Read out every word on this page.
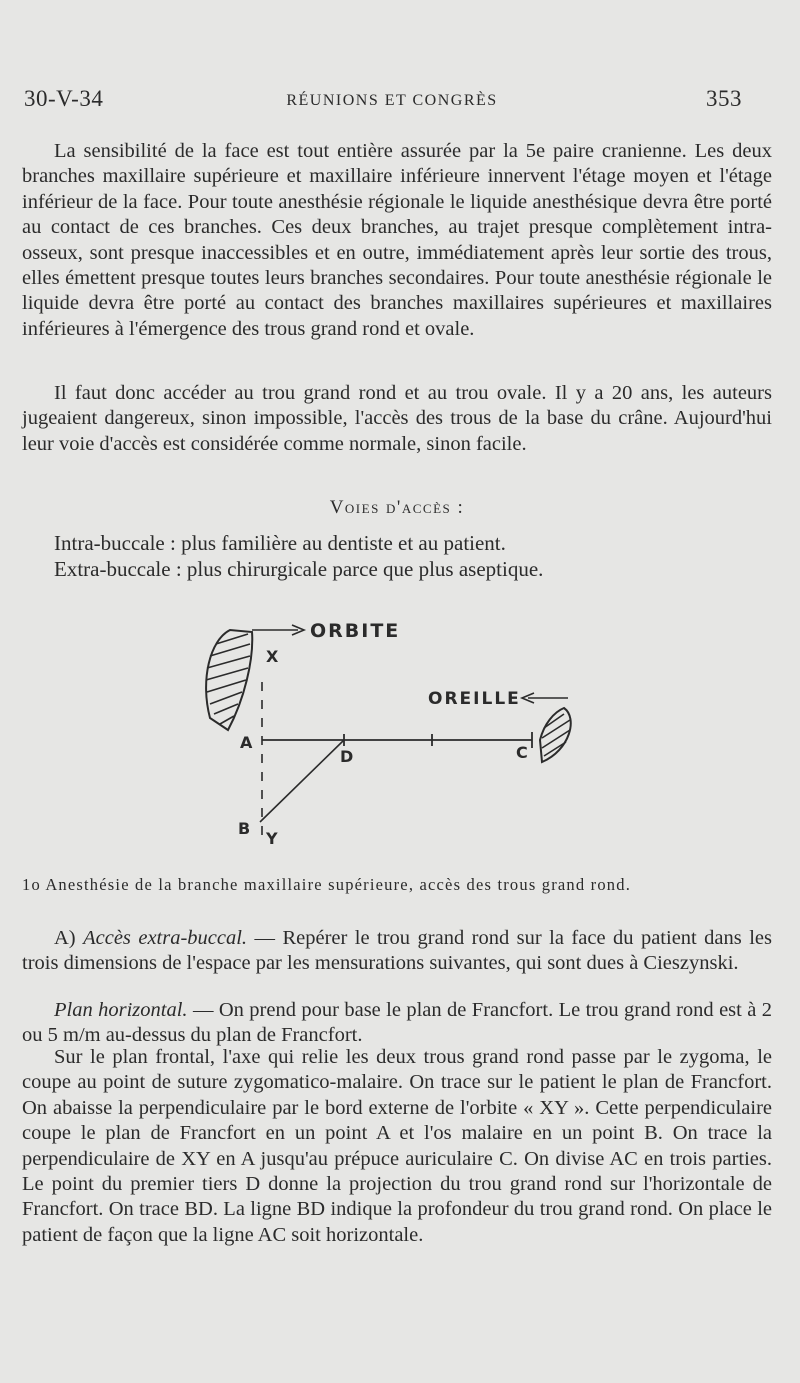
30-V-34	RÉUNIONS ET CONGRÈS	353

La sensibilité de la face est tout entière assurée par la 5e paire cranienne. Les deux branches maxillaire supérieure et maxillaire inférieure innervent l'étage moyen et l'étage inférieur de la face. Pour toute anesthésie régionale le liquide anesthésique devra être porté au contact de ces branches. Ces deux branches, au trajet presque complètement intra-osseux, sont presque inaccessibles et en outre, immédiatement après leur sortie des trous, elles émettent presque toutes leurs branches secondaires. Pour toute anesthésie régionale le liquide devra être porté au contact des branches maxillaires supérieures et maxillaires inférieures à l'émergence des trous grand rond et ovale.

Il faut donc accéder au trou grand rond et au trou ovale. Il y a 20 ans, les auteurs jugeaient dangereux, sinon impossible, l'accès des trous de la base du crâne. Aujourd'hui leur voie d'accès est considérée comme normale, sinon facile.

Voies d'accès :
Intra-buccale : plus familière au dentiste et au patient.
Extra-buccale : plus chirurgicale parce que plus aseptique.
ORBITE
X
Y
A
D	C
B
OREILLE
1o Anesthésie de la branche maxillaire supérieure, accès des trous grand rond.

A) Accès extra-buccal. — Repérer le trou grand rond sur la face du patient dans les trois dimensions de l'espace par les mensurations suivantes, qui sont dues à Cieszynski.

Plan horizontal. — On prend pour base le plan de Francfort. Le trou grand rond est à 2 ou 5 m/m au-dessus du plan de Francfort.

Sur le plan frontal, l'axe qui relie les deux trous grand rond passe par le zygoma, le coupe au point de suture zygomatico-malaire. On trace sur le patient le plan de Francfort. On abaisse la perpendiculaire par le bord externe de l'orbite « XY ». Cette perpendiculaire coupe le plan de Francfort en un point A et l'os malaire en un point B. On trace la perpendiculaire de XY en A jusqu'au prépuce auriculaire C. On divise AC en trois parties. Le point du premier tiers D donne la projection du trou grand rond sur l'horizontale de Francfort. On trace BD. La ligne BD indique la profondeur du trou grand rond. On place le patient de façon que la ligne AC soit horizontale.
